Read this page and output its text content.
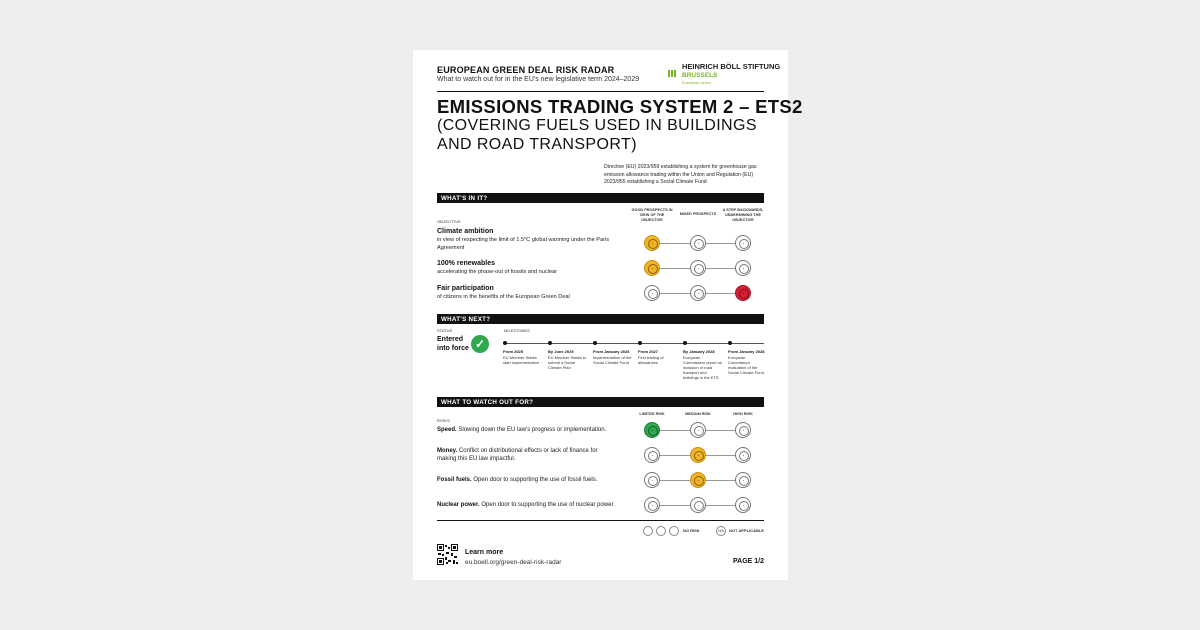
EUROPEAN GREEN DEAL RISK RADAR
What to watch out for in the EU's new legislative term 2024–2029
HEINRICH BÖLL STIFTUNG
BRUSSELS
European Union
EMISSIONS TRADING SYSTEM 2 – ETS2
(COVERING FUELS USED IN BUILDINGS AND ROAD TRANSPORT)
Directive (EU) 2023/959 establishing a system for greenhouse gas emission allowance trading within the Union and Regulation (EU) 2023/955 establishing a Social Climate Fund
WHAT'S IN IT?
OBJECTIVE
GOOD PROSPECTS IN VIEW OF THE OBJECTIVE
MIXED PROSPECTS
A STEP BACKWARDS, UNDERMINING THE OBJECTIVE
Climate ambition
in view of respecting the limit of 1.5°C global warming under the Paris Agreement
100% renewables
accelerating the phase-out of fossils and nuclear
Fair participation
of citizens in the benefits of the European Green Deal
WHAT'S NEXT?
STATUS
Entered into force ✓
MILESTONES
From 2025
EU Member States start implementation
By June 2025
EU Member States to submit a Social Climate Plan
From January 2026
Implementation of the Social Climate Fund
From 2027
First trading of allowances
By January 2028
European Commission report on inclusion of road transport and buildings in the ETS
From January 2028
European Commission evaluation of the Social Climate Fund
WHAT TO WATCH OUT FOR?
RISKS
LIMITED RISK	MEDIUM RISK	HIGH RISK
Speed. Slowing down the EU law's progress or implementation.
Money. Conflict on distributional effects or lack of finance for making this EU law impactful.
Fossil fuels. Open door to supporting the use of fossil fuels.
Nuclear power. Open door to supporting the use of nuclear power.
NO RISK	N/A	NOT APPLICABLE
Learn more
eu.boell.org/green-deal-risk-radar	PAGE 1/2
